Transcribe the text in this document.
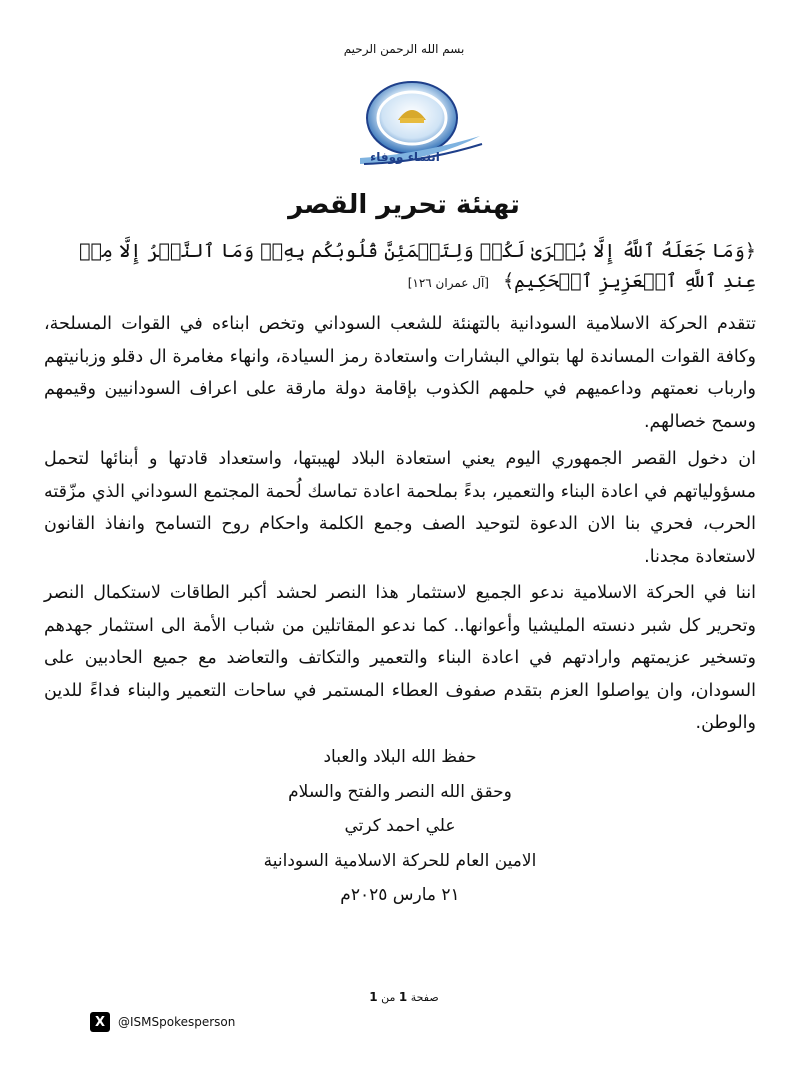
بسم الله الرحمن الرحيم
انتماء ووفاء
تهنئة تحرير القصر
﴿وَمَا جَعَلَهُ ٱللَّهُ إِلَّا بُشۡرَىٰ لَكُمۡ وَلِتَطۡمَئِنَّ قُلُوبُكُم بِهِۦۗ وَمَا ٱلنَّصۡرُ إِلَّا مِنۡ عِندِ ٱللَّهِ ٱلۡعَزِيزِ ٱلۡحَكِيمِ﴾ [آل عمران ١٢٦]

تتقدم الحركة الاسلامية السودانية بالتهنئة للشعب السوداني وتخص ابناءه في القوات المسلحة، وكافة القوات المساندة لها بتوالي البشارات واستعادة رمز السيادة، وانهاء مغامرة ال دقلو وزبانيتهم وارباب نعمتهم وداعميهم في حلمهم الكذوب بإقامة دولة مارقة على اعراف السودانيين وقيمهم وسمح خصالهم.

ان دخول القصر الجمهوري اليوم يعني استعادة البلاد لهيبتها، واستعداد قادتها و أبنائها لتحمل مسؤولياتهم في اعادة البناء والتعمير، بدءً بملحمة اعادة تماسك لُحمة المجتمع السوداني الذي مزّقته الحرب، فحري بنا الان الدعوة لتوحيد الصف وجمع الكلمة واحكام روح التسامح وانفاذ القانون لاستعادة مجدنا.

اننا في الحركة الاسلامية ندعو الجميع لاستثمار هذا النصر لحشد أكبر الطاقات لاستكمال النصر وتحرير كل شبر دنسته المليشيا وأعوانها.. كما ندعو المقاتلين من شباب الأمة الى استثمار جهدهم وتسخير عزيمتهم وارادتهم في اعادة البناء والتعمير والتكاتف والتعاضد مع جميع الحادبين على السودان، وان يواصلوا العزم بتقدم صفوف العطاء المستمر في ساحات التعمير والبناء فداءً للدين والوطن.

حفظ الله البلاد والعباد
وحقق الله النصر والفتح والسلام
علي احمد كرتي
الامين العام للحركة الاسلامية السودانية
٢١ مارس ٢٠٢٥م
صفحة 1 من 1
X	@ISMSpokesperson
